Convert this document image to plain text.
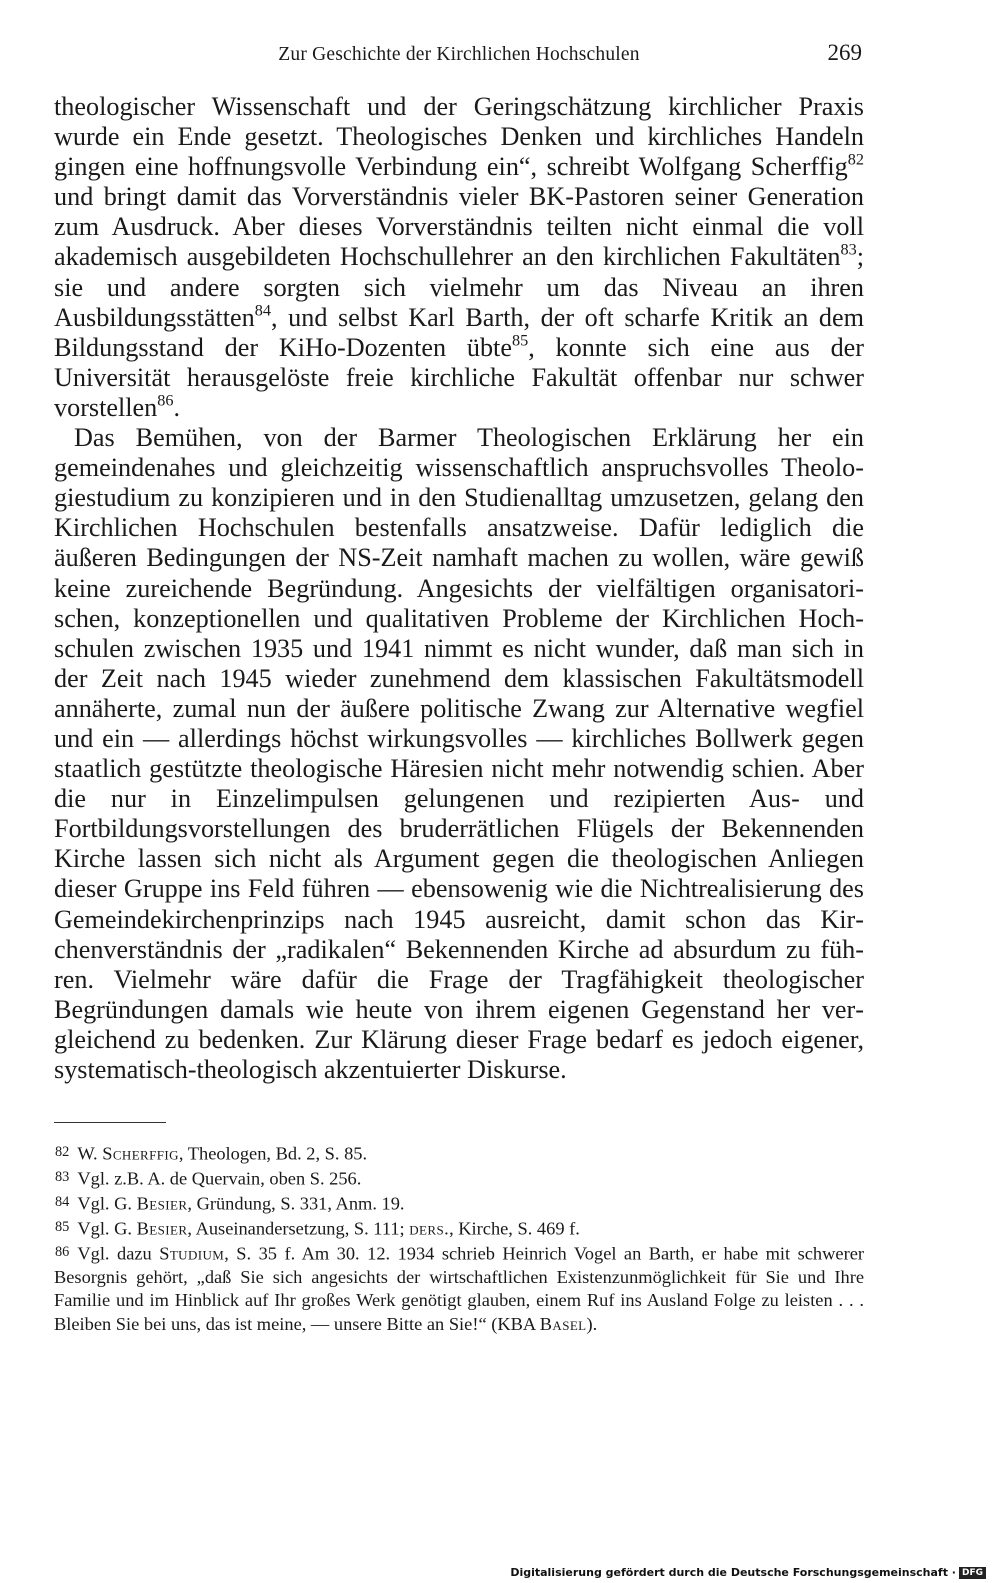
Zur Geschichte der Kirchlichen Hochschulen	269

theologischer Wissenschaft und der Geringschätzung kirchlicher Praxis wurde ein Ende gesetzt. Theologisches Denken und kirchliches Handeln gingen eine hoffnungsvolle Verbindung ein“, schreibt Wolfgang Scherffig$^{82}$ und bringt damit das Vorverständnis vieler BK-Pastoren seiner Generation zum Ausdruck. Aber dieses Vorverständnis teilten nicht einmal die voll akademisch ausgebildeten Hochschullehrer an den kirchlichen Fakultäten$^{83}$; sie und andere sorgten sich vielmehr um das Niveau an ihren Ausbildungsstätten$^{84}$, und selbst Karl Barth, der oft scharfe Kritik an dem Bildungsstand der KiHo-Dozenten übte$^{85}$, konnte sich eine aus der Universität herausgelöste freie kirchliche Fakultät offenbar nur schwer vorstellen$^{86}$.

Das Bemühen, von der Barmer Theologischen Erklärung her ein gemeindenahes und gleichzeitig wissenschaftlich anspruchsvolles Theologiestudium zu konzipieren und in den Studienalltag umzusetzen, gelang den Kirchlichen Hochschulen bestenfalls ansatzweise. Dafür lediglich die äußeren Bedingungen der NS-Zeit namhaft machen zu wollen, wäre gewiß keine zureichende Begründung. Angesichts der vielfältigen organisatorischen, konzeptionellen und qualitativen Probleme der Kirchlichen Hochschulen zwischen 1935 und 1941 nimmt es nicht wunder, daß man sich in der Zeit nach 1945 wieder zunehmend dem klassischen Fakultätsmodell annäherte, zumal nun der äußere politische Zwang zur Alternative wegfiel und ein — allerdings höchst wirkungsvolles — kirchliches Bollwerk gegen staatlich gestützte theologische Häresien nicht mehr notwendig schien. Aber die nur in Einzelimpulsen gelungenen und rezipierten Aus- und Fortbildungsvorstellungen des bruderrätlichen Flügels der Bekennenden Kirche lassen sich nicht als Argument gegen die theologischen Anliegen dieser Gruppe ins Feld führen — ebensowenig wie die Nichtrealisierung des Gemeindekirchenprinzips nach 1945 ausreicht, damit schon das Kirchenverständnis der „radikalen“ Bekennenden Kirche ad absurdum zu führen. Vielmehr wäre dafür die Frage der Tragfähigkeit theologischer Begründungen damals wie heute von ihrem eigenen Gegenstand her vergleichend zu bedenken. Zur Klärung dieser Frage bedarf es jedoch eigener, systematisch-theologisch akzentuierter Diskurse.

82 W. Scherffig, Theologen, Bd. 2, S. 85.

83 Vgl. z.B. A. de Quervain, oben S. 256.

84 Vgl. G. Besier, Gründung, S. 331, Anm. 19.

85 Vgl. G. Besier, Auseinandersetzung, S. 111; ders., Kirche, S. 469 f.

86 Vgl. dazu Studium, S. 35 f. Am 30. 12. 1934 schrieb Heinrich Vogel an Barth, er habe mit schwerer Besorgnis gehört, „daß Sie sich angesichts der wirtschaftlichen Existenzunmöglichkeit für Sie und Ihre Familie und im Hinblick auf Ihr großes Werk genötigt glauben, einem Ruf ins Ausland Folge zu leisten . . . Bleiben Sie bei uns, das ist meine, — unsere Bitte an Sie!“ (KBA Basel).

Digitalisierung gefördert durch die Deutsche Forschungsgemeinschaft · DFG
